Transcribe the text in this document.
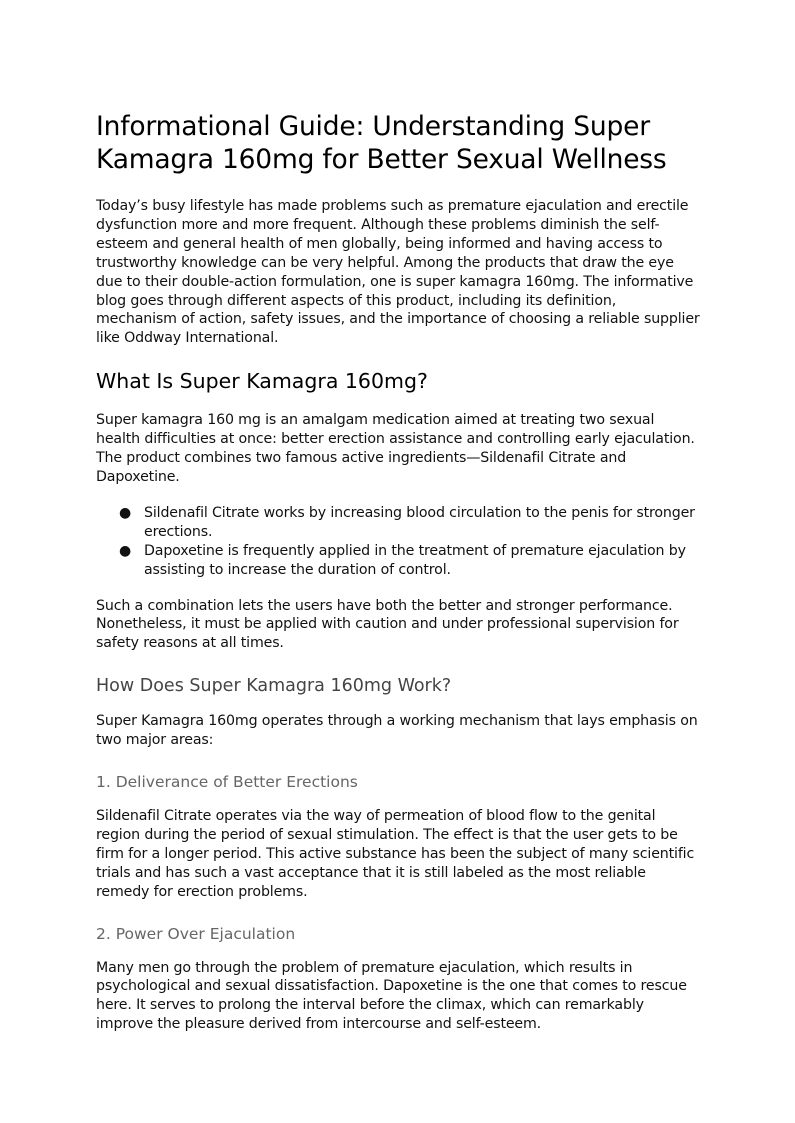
Informational Guide: Understanding Super Kamagra 160mg for Better Sexual Wellness

Today’s busy lifestyle has made problems such as premature ejaculation and erectile dysfunction more and more frequent. Although these problems diminish the self-esteem and general health of men globally, being informed and having access to trustworthy knowledge can be very helpful. Among the products that draw the eye due to their double-action formulation, one is super kamagra 160mg. The informative blog goes through different aspects of this product, including its definition, mechanism of action, safety issues, and the importance of choosing a reliable supplier like Oddway International.

What Is Super Kamagra 160mg?

Super kamagra 160 mg is an amalgam medication aimed at treating two sexual health difficulties at once: better erection assistance and controlling early ejaculation. The product combines two famous active ingredients—Sildenafil Citrate and Dapoxetine.

● Sildenafil Citrate works by increasing blood circulation to the penis for stronger erections.
● Dapoxetine is frequently applied in the treatment of premature ejaculation by assisting to increase the duration of control.

Such a combination lets the users have both the better and stronger performance. Nonetheless, it must be applied with caution and under professional supervision for safety reasons at all times.

How Does Super Kamagra 160mg Work?

Super Kamagra 160mg operates through a working mechanism that lays emphasis on two major areas:

1. Deliverance of Better Erections

Sildenafil Citrate operates via the way of permeation of blood flow to the genital region during the period of sexual stimulation. The effect is that the user gets to be firm for a longer period. This active substance has been the subject of many scientific trials and has such a vast acceptance that it is still labeled as the most reliable remedy for erection problems.

2. Power Over Ejaculation

Many men go through the problem of premature ejaculation, which results in psychological and sexual dissatisfaction. Dapoxetine is the one that comes to rescue here. It serves to prolong the interval before the climax, which can remarkably improve the pleasure derived from intercourse and self-esteem.
